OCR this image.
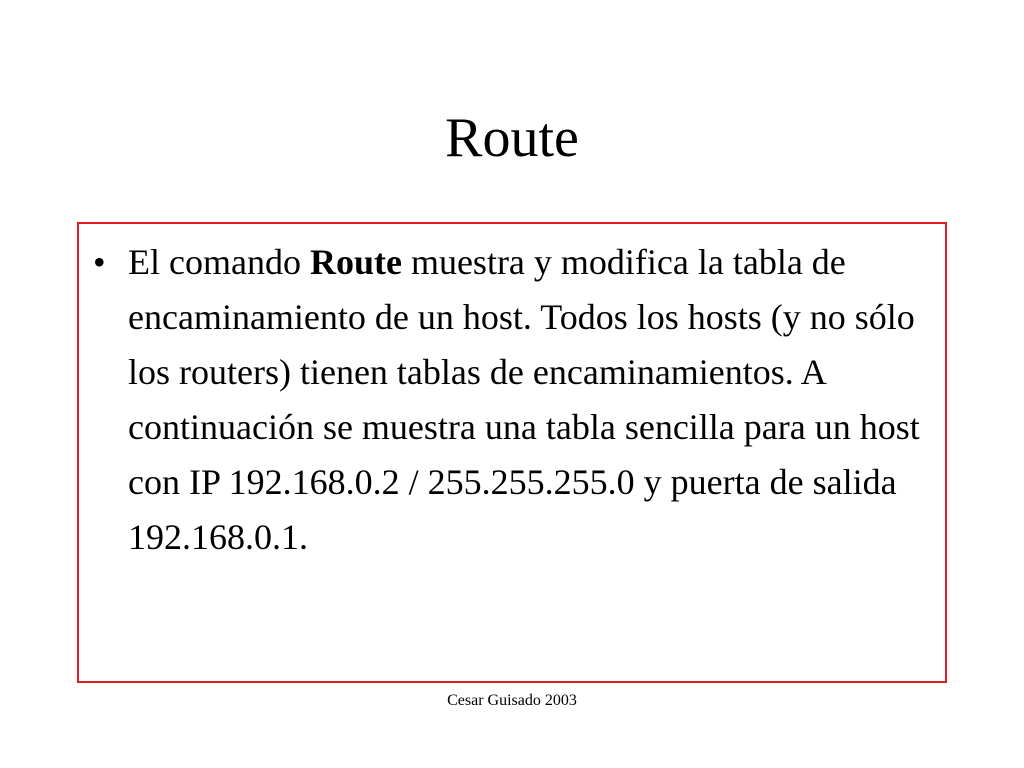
Route
• El comando Route muestra y modifica la tabla de encaminamiento de un host. Todos los hosts (y no sólo los routers) tienen tablas de encaminamientos. A continuación se muestra una tabla sencilla para un host con IP 192.168.0.2 / 255.255.255.0 y puerta de salida 192.168.0.1.
Cesar Guisado 2003
